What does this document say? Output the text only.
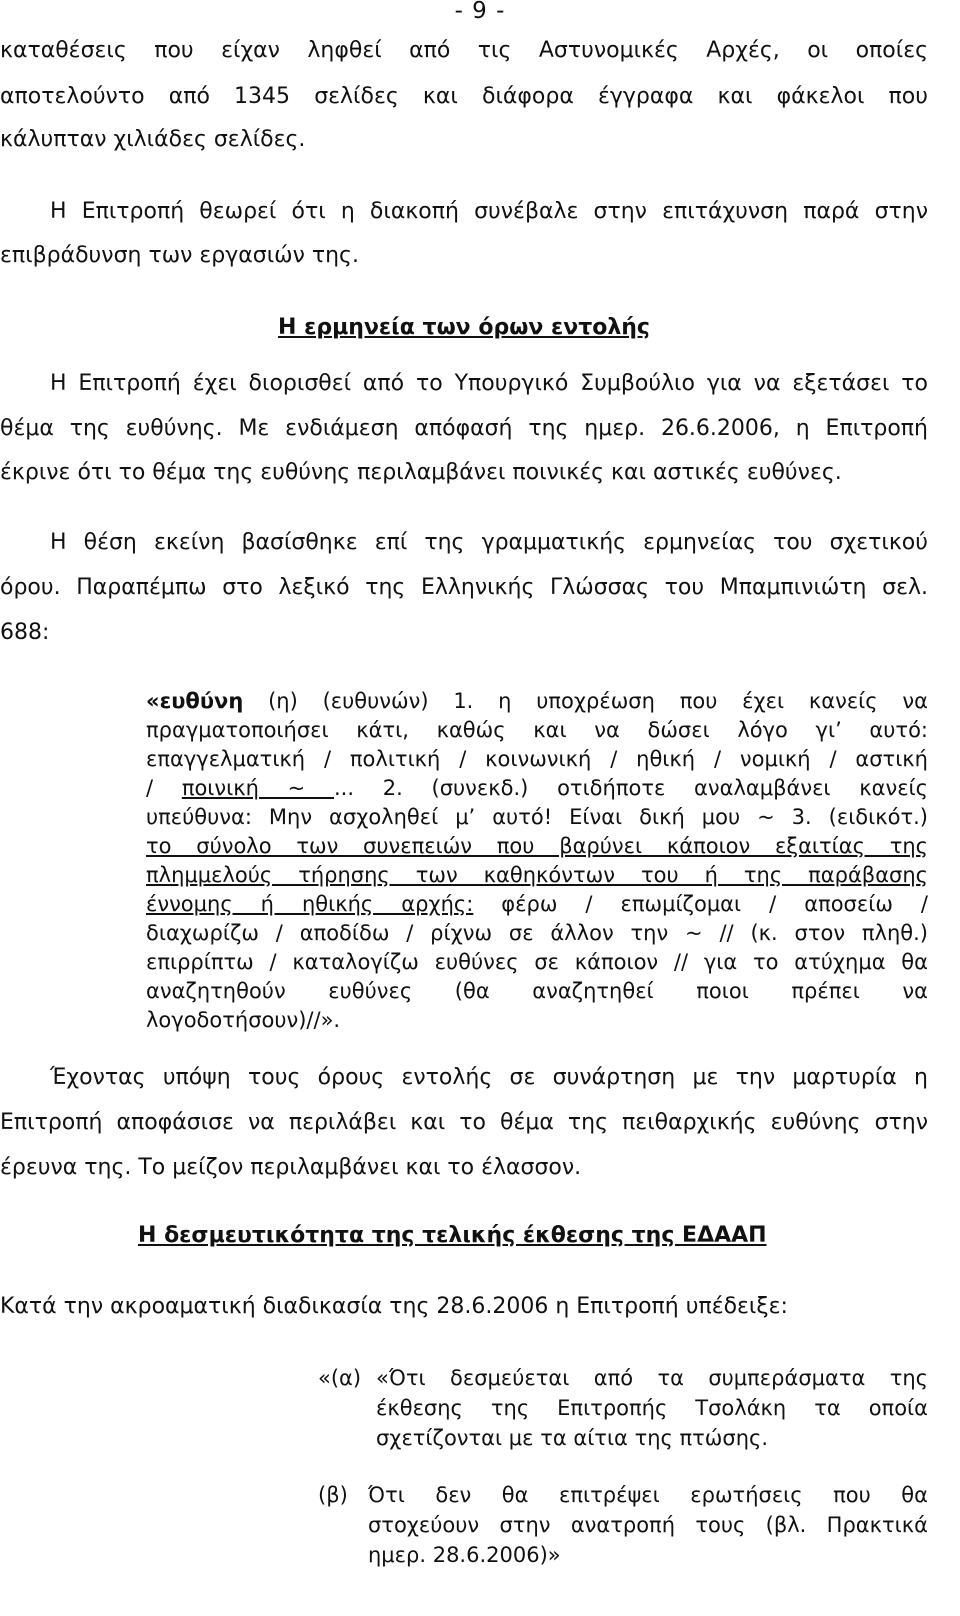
- 9 -
καταθέσεις που είχαν ληφθεί από τις Αστυνομικές Αρχές, οι οποίες
αποτελούντο από 1345 σελίδες και διάφορα έγγραφα και φάκελοι που
κάλυπταν χιλιάδες σελίδες.
Η Επιτροπή θεωρεί ότι η διακοπή συνέβαλε στην επιτάχυνση παρά στην
επιβράδυνση των εργασιών της.
Η ερμηνεία των όρων εντολής
Η Επιτροπή έχει διορισθεί από το Υπουργικό Συμβούλιο για να εξετάσει το
θέμα της ευθύνης. Με ενδιάμεση απόφασή της ημερ. 26.6.2006, η Επιτροπή
έκρινε ότι το θέμα της ευθύνης περιλαμβάνει ποινικές και αστικές ευθύνες.
Η θέση εκείνη βασίσθηκε επί της γραμματικής ερμηνείας του σχετικού
όρου. Παραπέμπω στο λεξικό της Ελληνικής Γλώσσας του Μπαμπινιώτη σελ.
688:
«ευθύνη (η) (ευθυνών) 1. η υποχρέωση που έχει κανείς να
πραγματοποιήσει κάτι, καθώς και να δώσει λόγο γι’ αυτό:
επαγγελματική / πολιτική / κοινωνική / ηθική / νομική / αστική
/ ποινική ~ ... 2. (συνεκδ.) οτιδήποτε αναλαμβάνει κανείς
υπεύθυνα: Μην ασχοληθεί μ’ αυτό! Είναι δική μου ~ 3. (ειδικότ.)
το σύνολο των συνεπειών που βαρύνει κάποιον εξαιτίας της
πλημμελούς τήρησης των καθηκόντων του ή της παράβασης
έννομης ή ηθικής αρχής: φέρω / επωμίζομαι / αποσείω /
διαχωρίζω / αποδίδω / ρίχνω σε άλλον την ~ // (κ. στον πληθ.)
επιρρίπτω / καταλογίζω ευθύνες σε κάποιον // για το ατύχημα θα
αναζητηθούν ευθύνες (θα αναζητηθεί ποιοι πρέπει να
λογοδοτήσουν)//».
Έχοντας υπόψη τους όρους εντολής σε συνάρτηση με την μαρτυρία η
Επιτροπή αποφάσισε να περιλάβει και το θέμα της πειθαρχικής ευθύνης στην
έρευνα της. Το μείζον περιλαμβάνει και το έλασσον.
Η δεσμευτικότητα της τελικής έκθεσης της ΕΔΑΑΠ
Κατά την ακροαματική διαδικασία της 28.6.2006 η Επιτροπή υπέδειξε:
«(α) «Ότι δεσμεύεται από τα συμπεράσματα της
έκθεσης της Επιτροπής Τσολάκη τα οποία
σχετίζονται με τα αίτια της πτώσης.
(β) Ότι δεν θα επιτρέψει ερωτήσεις που θα
στοχεύουν στην ανατροπή τους (βλ. Πρακτικά
ημερ. 28.6.2006)»
